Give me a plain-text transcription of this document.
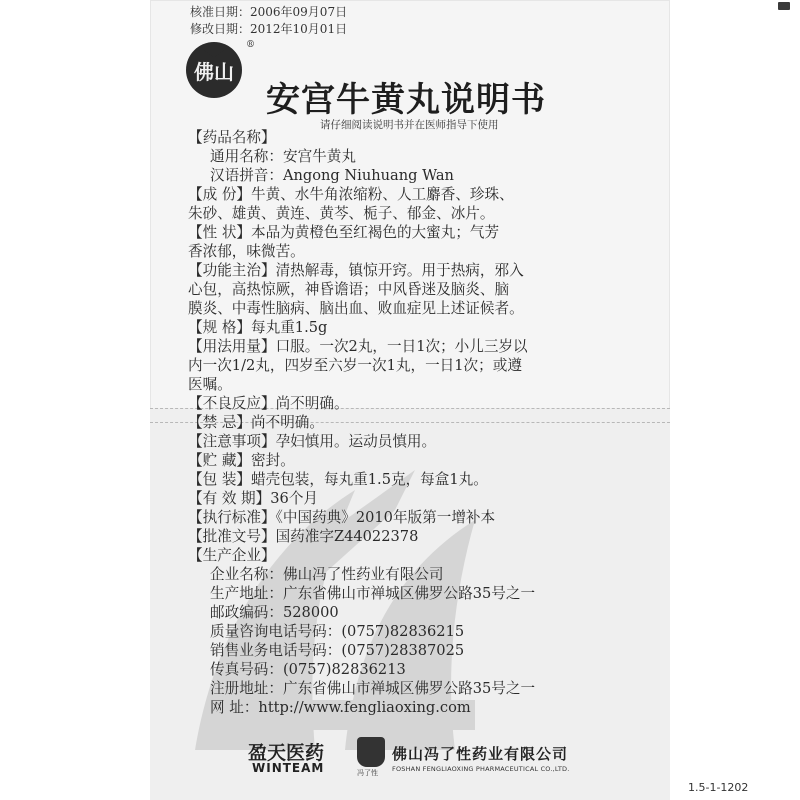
核准日期：2006年09月07日
修改日期：2012年10月01日
佛山
®
安宫牛黄丸说明书
请仔细阅读说明书并在医师指导下使用
【药品名称】
通用名称：安宫牛黄丸
汉语拼音：Angong Niuhuang Wan
【成 份】牛黄、水牛角浓缩粉、人工麝香、珍珠、
朱砂、雄黄、黄连、黄芩、栀子、郁金、冰片。
【性 状】本品为黄橙色至红褐色的大蜜丸；气芳
香浓郁，味微苦。
【功能主治】清热解毒，镇惊开窍。用于热病，邪入
心包，高热惊厥，神昏谵语；中风昏迷及脑炎、脑
膜炎、中毒性脑病、脑出血、败血症见上述证候者。
【规 格】每丸重1.5g
【用法用量】口服。一次2丸，一日1次；小儿三岁以
内一次1/2丸，四岁至六岁一次1丸，一日1次；或遵
医嘱。
【不良反应】尚不明确。
【禁 忌】尚不明确。
【注意事项】孕妇慎用。运动员慎用。
【贮 藏】密封。
【包 装】蜡壳包装，每丸重1.5克，每盒1丸。
【有 效 期】36个月
【执行标准】《中国药典》2010年版第一增补本
【批准文号】国药准字Z44022378
【生产企业】
企业名称：佛山冯了性药业有限公司
生产地址：广东省佛山市禅城区佛罗公路35号之一
邮政编码：528000
质量咨询电话号码：(0757)82836215
销售业务电话号码：(0757)28387025
传真号码：(0757)82836213
注册地址：广东省佛山市禅城区佛罗公路35号之一
网 址：http://www.fengliaoxing.com
盈天医药
WINTEAM	冯了性
佛山冯了性药业有限公司
FOSHAN FENGLIAOXING PHARMACEUTICAL CO.,LTD.
1.5-1-1202
